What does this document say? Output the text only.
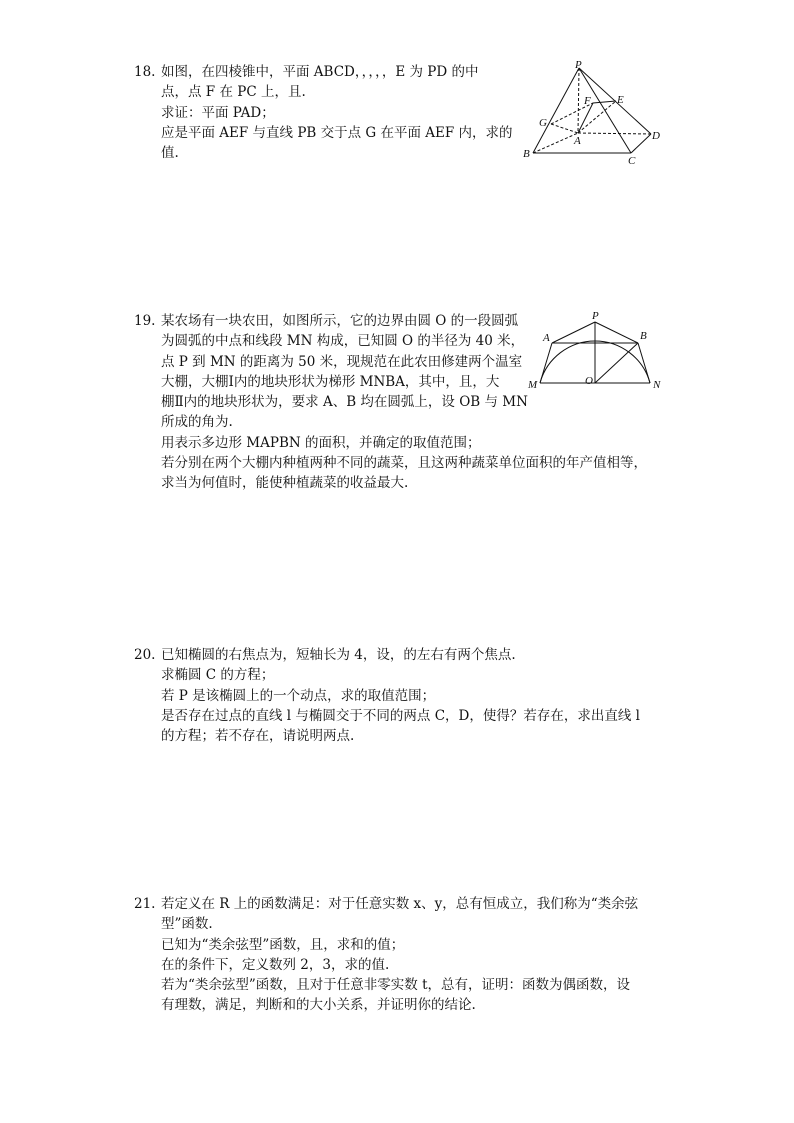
18. 如图，在四棱锥中，平面 ABCD，，，，，E 为 PD 的中
点，点 F 在 PC 上，且.
求证：平面 PAD；
应是平面 AEF 与直线 PB 交于点 G 在平面 AEF 内，求的
值.
P
F E
G
A	D
B
C
19. 某农场有一块农田，如图所示，它的边界由圆 O 的一段圆弧
为圆弧的中点和线段 MN 构成，已知圆 O 的半径为 40 米，
点 P 到 MN 的距离为 50 米，现规范在此农田修建两个温室
大棚，大棚Ⅰ内的地块形状为梯形 MNBA，其中，且，大
棚Ⅱ内的地块形状为，要求 A、B 均在圆弧上，设 OB 与 MN
所成的角为.
用表示多边形 MAPBN 的面积，并确定的取值范围；
若分别在两个大棚内种植两种不同的蔬菜，且这两种蔬菜单位面积的年产值相等，
求当为何值时，能使种植蔬菜的收益最大.
P
A	B
M	O	N
20. 已知椭圆的右焦点为，短轴长为 4，设，的左右有两个焦点.
求椭圆 C 的方程；
若 P 是该椭圆上的一个动点，求的取值范围；
是否存在过点的直线 l 与椭圆交于不同的两点 C，D，使得？若存在，求出直线 l
的方程；若不存在，请说明两点.
21. 若定义在 R 上的函数满足：对于任意实数 x、y，总有恒成立，我们称为“类余弦
型”函数.
已知为“类余弦型”函数，且，求和的值；
在的条件下，定义数列 2，3，求的值.
若为“类余弦型”函数，且对于任意非零实数 t，总有，证明：函数为偶函数，设
有理数，满足，判断和的大小关系，并证明你的结论.
